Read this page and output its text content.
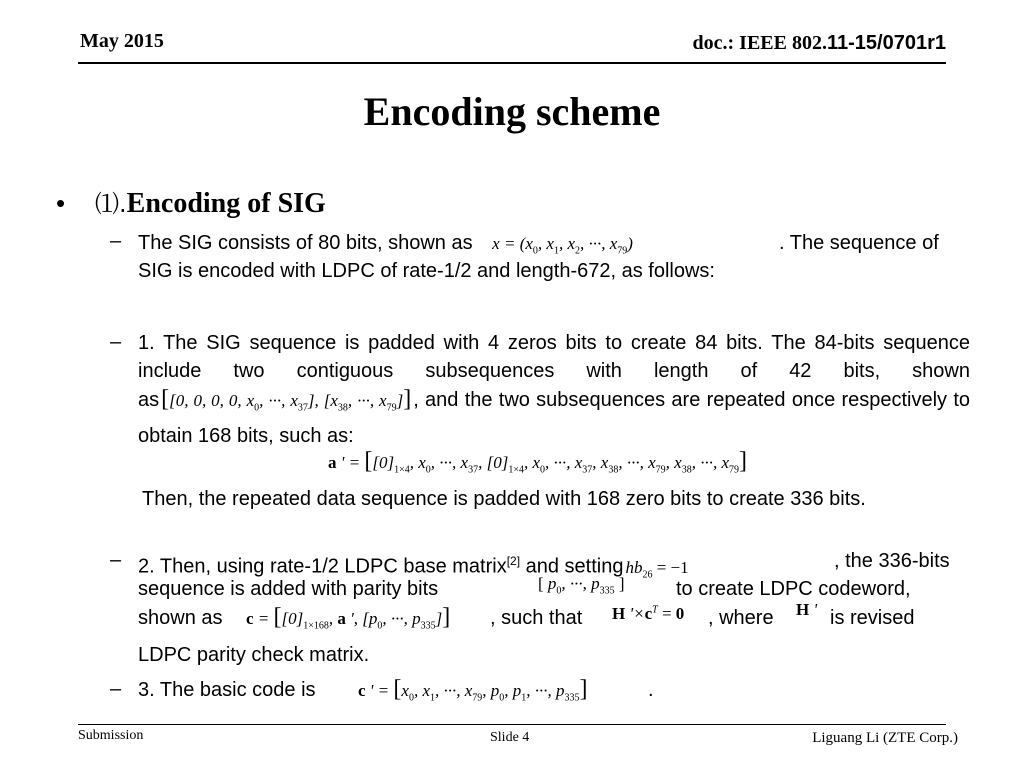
May 2015	doc.: IEEE 802.11-15/0701r1
Encoding scheme
• ⑴.Encoding of SIG
– The SIG consists of 80 bits, shown as $x = (x_0$, $x_1$, $x_2$, ···, $x_{79}$)	. The sequence of
SIG is encoded with LDPC of rate-1/2 and length-672, as follows:
– 1. The SIG sequence is padded with 4 zeros bits to create 84 bits. The 84-bits sequence include two contiguous subsequences with length of 42 bits, shown as[[0, 0, 0, 0, $x_0$, ···, $x_{37}$], [$x_{38}$, ···, $x_{79}$]] , and the two subsequences are repeated once respectively to obtain 168 bits, such as:
a ' = [$[0]_{1\times 4}$, $x_0$, ···, $x_{37}$, $[0]_{1\times 4}$, $x_0$, ···, $x_{37}$, $x_{38}$, ···, $x_{79}$, $x_{38}$, ···, $x_{79}$]
Then, the repeated data sequence is padded with 168 zero bits to create 336 bits.
– 2. Then, using rate-1/2 LDPC base matrix[2] and setting $hb_{26} = -1$	, the 336-bits
sequence is added with parity bits	[ $p_0$, ···, $p_{335}$ ]	to create LDPC codeword,
shown as $c = [[0]_{1\times 168}$, a ', [$p_0$, ···, $p_{335}$]] , such that H '$\times c^T = 0$ , where H ' is revised
LDPC parity check matrix.
– 3. The basic code is c ' = [$x_0$, $x_1$, ···, $x_{79}$, $p_0$, $p_1$, ···, $p_{335}$]	.
Submission	Slide 4	Liguang Li (ZTE Corp.)
